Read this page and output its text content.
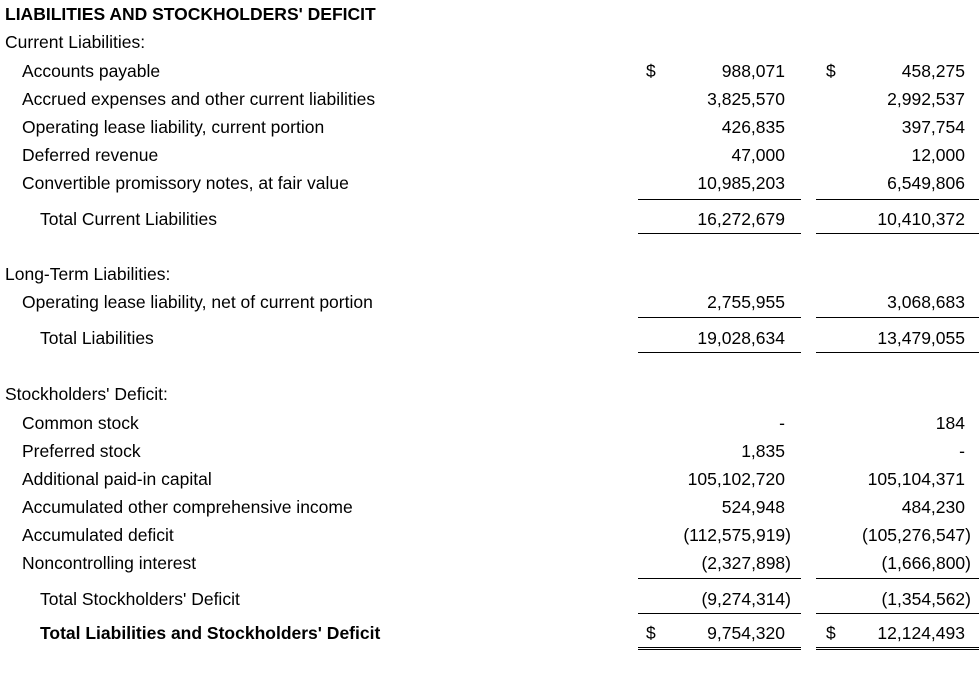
LIABILITIES AND STOCKHOLDERS' DEFICIT
Current Liabilities:
Accounts payable	$	988,071 $	458,275
Accrued expenses and other current liabilities	3,825,570	2,992,537
Operating lease liability, current portion	426,835	397,754
Deferred revenue	47,000	12,000
Convertible promissory notes, at fair value	10,985,203	6,549,806
Total Current Liabilities	16,272,679	10,410,372
Long-Term Liabilities:
Operating lease liability, net of current portion	2,755,955	3,068,683
Total Liabilities	19,028,634	13,479,055
Stockholders' Deficit:
Common stock	-	184
Preferred stock	1,835	-
Additional paid-in capital	105,102,720	105,104,371
Accumulated other comprehensive income	524,948	484,230
Accumulated deficit	(112,575,919)	(105,276,547)
Noncontrolling interest	(2,327,898)	(1,666,800)
Total Stockholders' Deficit	(9,274,314)	(1,354,562)
Total Liabilities and Stockholders' Deficit	$	9,754,320 $ 12,124,493
